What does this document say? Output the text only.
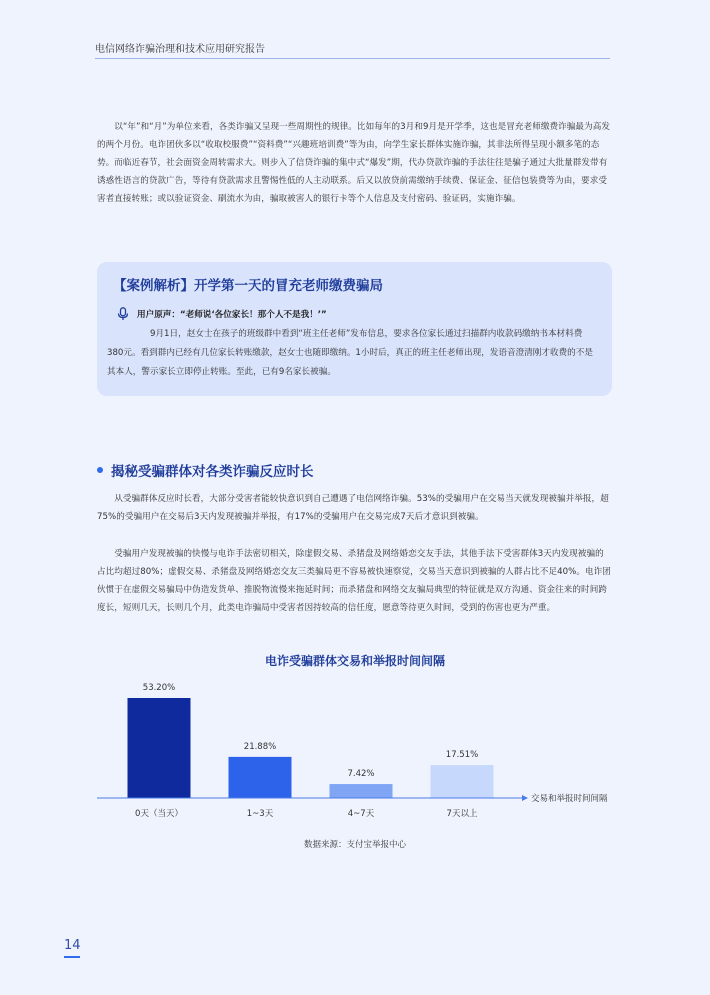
电信网络诈骗治理和技术应用研究报告

以“年”和“月”为单位来看，各类诈骗又呈现一些周期性的规律。比如每年的3月和9月是开学季，这也是冒充老师缴费诈骗最为高发的两个月份。电诈团伙多以“收取校服费”“资料费”“兴趣班培训费”等为由，向学生家长群体实施诈骗，其非法所得呈现小额多笔的态势。而临近春节，社会面资金周转需求大。则步入了信贷诈骗的集中式“爆发”期，代办贷款诈骗的手法往往是骗子通过大批量群发带有诱惑性语言的贷款广告，等待有贷款需求且警惕性低的人主动联系。后又以放贷前需缴纳手续费、保证金、征信包装费等为由，要求受害者直接转账；或以验证资金、刷流水为由，骗取被害人的银行卡等个人信息及支付密码、验证码，实施诈骗。

【案例解析】开学第一天的冒充老师缴费骗局
用户原声：“老师说‘各位家长！那个人不是我！’”

9月1日，赵女士在孩子的班级群中看到“班主任老师”发布信息，要求各位家长通过扫描群内收款码缴纳书本材料费380元。看到群内已经有几位家长转账缴款，赵女士也随即缴纳。1小时后，真正的班主任老师出现，发语音澄清刚才收费的不是其本人，警示家长立即停止转账。至此，已有9名家长被骗。

揭秘受骗群体对各类诈骗反应时长

从受骗群体反应时长看，大部分受害者能较快意识到自己遭遇了电信网络诈骗。53%的受骗用户在交易当天就发现被骗并举报，超75%的受骗用户在交易后3天内发现被骗并举报，有17%的受骗用户在交易完成7天后才意识到被骗。

受骗用户发现被骗的快慢与电诈手法密切相关，除虚假交易、杀猪盘及网络婚恋交友手法，其他手法下受害群体3天内发现被骗的占比均超过80%；虚假交易、杀猪盘及网络婚恋交友三类骗局更不容易被快速察觉，交易当天意识到被骗的人群占比不足40%。电诈团伙惯于在虚假交易骗局中伪造发货单、推脱物流慢来拖延时间；而杀猪盘和网络交友骗局典型的特征就是双方沟通、资金往来的时间跨度长，短则几天，长则几个月，此类电诈骗局中受害者因持较高的信任度，愿意等待更久时间，受到的伤害也更为严重。

电诈受骗群体交易和举报时间间隔
53.20%
0天（当天）
21.88%
1~3天
7.42%
4~7天
17.51%
7天以上
交易和举报时间间隔
数据来源：支付宝举报中心
14
